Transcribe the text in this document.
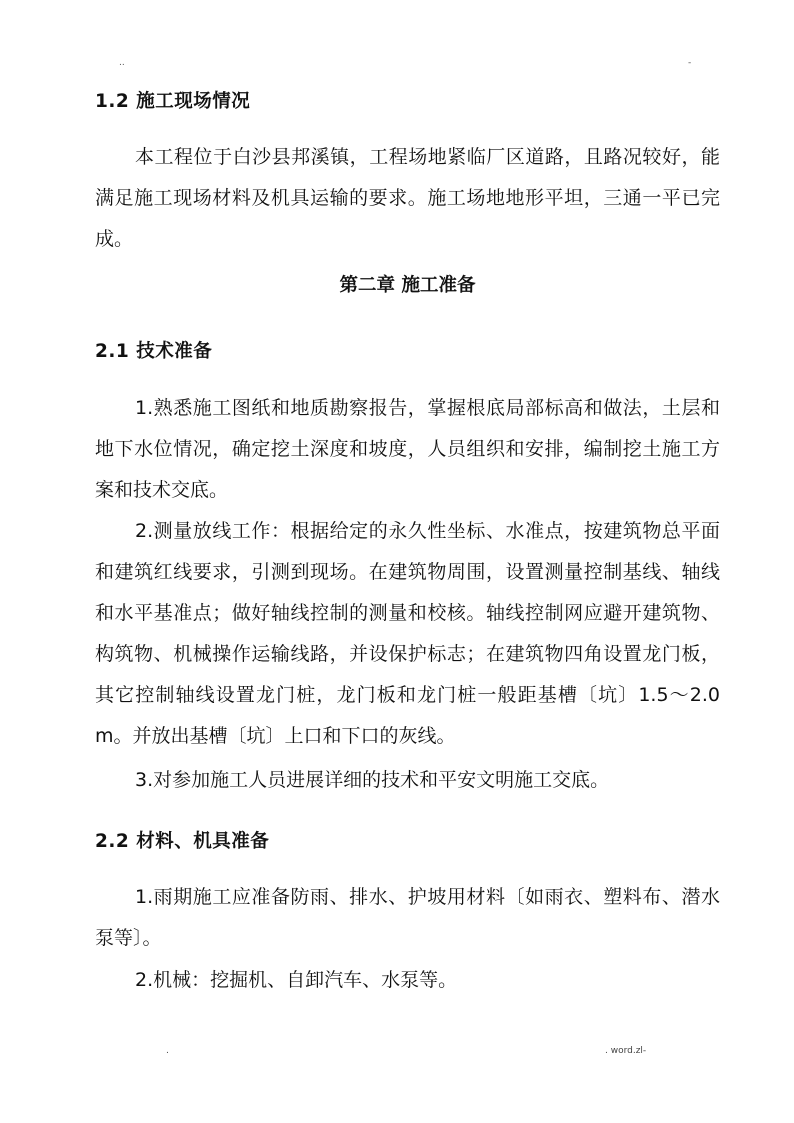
..	-
1.2 施工现场情况
本工程位于白沙县邦溪镇，工程场地紧临厂区道路，且路况较好，能满足施工现场材料及机具运输的要求。施工场地地形平坦，三通一平已完成。
第二章 施工准备
2.1 技术准备
1.熟悉施工图纸和地质勘察报告，掌握根底局部标高和做法，土层和地下水位情况，确定挖土深度和坡度，人员组织和安排，编制挖土施工方案和技术交底。
2.测量放线工作：根据给定的永久性坐标、水准点，按建筑物总平面和建筑红线要求，引测到现场。在建筑物周围，设置测量控制基线、轴线和水平基准点；做好轴线控制的测量和校核。轴线控制网应避开建筑物、构筑物、机械操作运输线路，并设保护标志；在建筑物四角设置龙门板，其它控制轴线设置龙门桩，龙门板和龙门桩一般距基槽〔坑〕1.5～2.0m。并放出基槽〔坑〕上口和下口的灰线。
3.对参加施工人员进展详细的技术和平安文明施工交底。
2.2 材料、机具准备
1.雨期施工应准备防雨、排水、护坡用材料〔如雨衣、塑料布、潜水泵等〕。
2.机械：挖掘机、自卸汽车、水泵等。
.	. word.zl-
